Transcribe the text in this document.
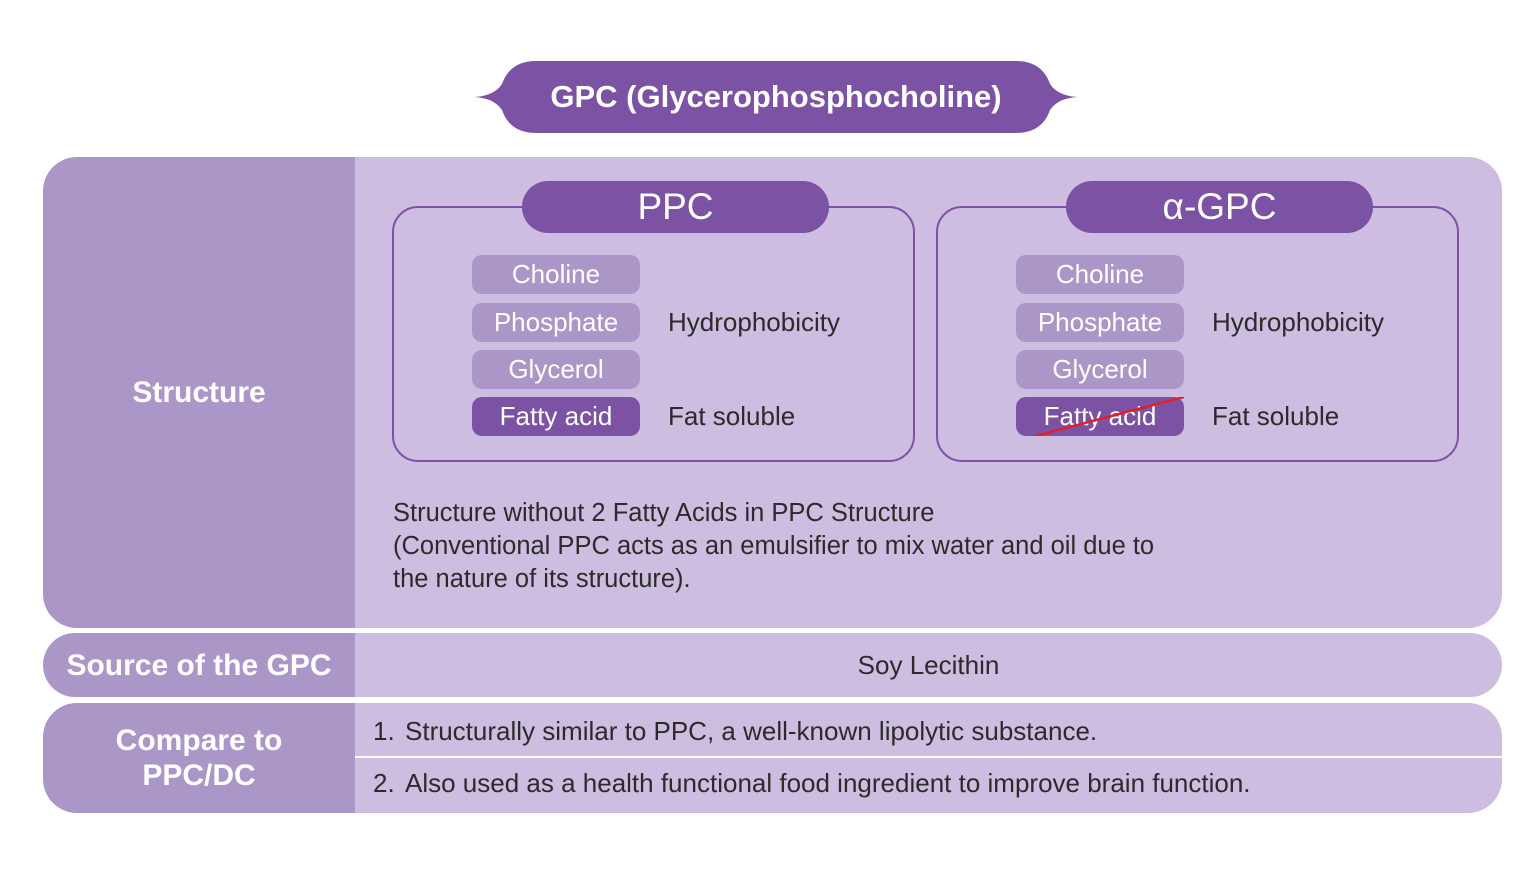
GPC (Glycerophosphocholine)
Structure
PPC
Choline
Phosphate
Glycerol
Fatty acid
Hydrophobicity
Fat soluble
α-GPC
Choline
Phosphate
Glycerol
Fatty acid
Hydrophobicity
Fat soluble
Structure without 2 Fatty Acids in PPC Structure
(Conventional PPC acts as an emulsifier to mix water and oil due to
the nature of its structure).
Source of the GPC	Soy Lecithin
Compare to PPC/DC
1. Structurally similar to PPC, a well-known lipolytic substance.
2. Also used as a health functional food ingredient to improve brain function.
